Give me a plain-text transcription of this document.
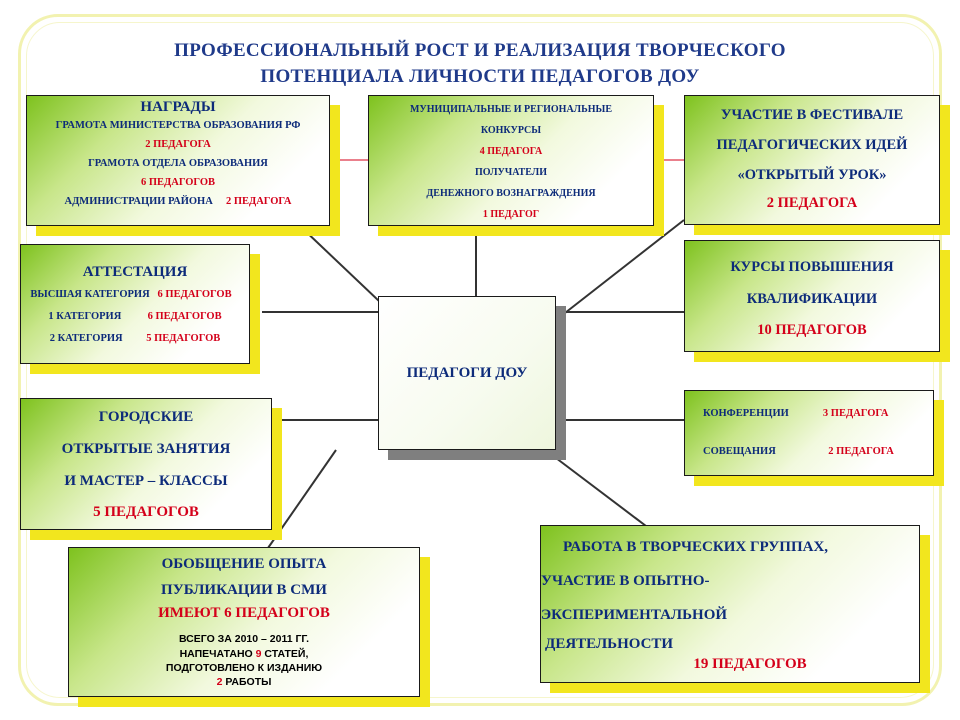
ПРОФЕССИОНАЛЬНЫЙ РОСТ И РЕАЛИЗАЦИЯ ТВОРЧЕСКОГО
ПОТЕНЦИАЛА ЛИЧНОСТИ ПЕДАГОГОВ ДОУ
ПЕДАГОГИ ДОУ
НАГРАДЫ
ГРАМОТА МИНИСТЕРСТВА ОБРАЗОВАНИЯ РФ
2 ПЕДАГОГА
ГРАМОТА ОТДЕЛА ОБРАЗОВАНИЯ
6 ПЕДАГОГОВ
АДМИНИСТРАЦИИ РАЙОНА 2 ПЕДАГОГА
МУНИЦИПАЛЬНЫЕ И РЕГИОНАЛЬНЫЕ
КОНКУРСЫ
4 ПЕДАГОГА
ПОЛУЧАТЕЛИ
ДЕНЕЖНОГО ВОЗНАГРАЖДЕНИЯ
1 ПЕДАГОГ
УЧАСТИЕ В ФЕСТИВАЛЕ
ПЕДАГОГИЧЕСКИХ ИДЕЙ
«ОТКРЫТЫЙ УРОК»
2 ПЕДАГОГА
АТТЕСТАЦИЯ
ВЫСШАЯ КАТЕГОРИЯ 6 ПЕДАГОГОВ
1 КАТЕГОРИЯ	6 ПЕДАГОГОВ
2 КАТЕГОРИЯ 5 ПЕДАГОГОВ
КУРСЫ ПОВЫШЕНИЯ
КВАЛИФИКАЦИИ
10 ПЕДАГОГОВ
ГОРОДСКИЕ
ОТКРЫТЫЕ ЗАНЯТИЯ
И МАСТЕР – КЛАССЫ
5 ПЕДАГОГОВ
КОНФЕРЕНЦИИ	3 ПЕДАГОГА
СОВЕЩАНИЯ	2 ПЕДАГОГА
ОБОБЩЕНИЕ ОПЫТА
ПУБЛИКАЦИИ В СМИ
ИМЕЮТ 6 ПЕДАГОГОВ
ВСЕГО ЗА 2010 – 2011 ГГ.
НАПЕЧАТАНО 9 СТАТЕЙ,
ПОДГОТОВЛЕНО К ИЗДАНИЮ
2 РАБОТЫ
РАБОТА В ТВОРЧЕСКИХ ГРУППАХ,
УЧАСТИЕ В ОПЫТНО-
ЭКСПЕРИМЕНТАЛЬНОЙ
ДЕЯТЕЛЬНОСТИ
19 ПЕДАГОГОВ
